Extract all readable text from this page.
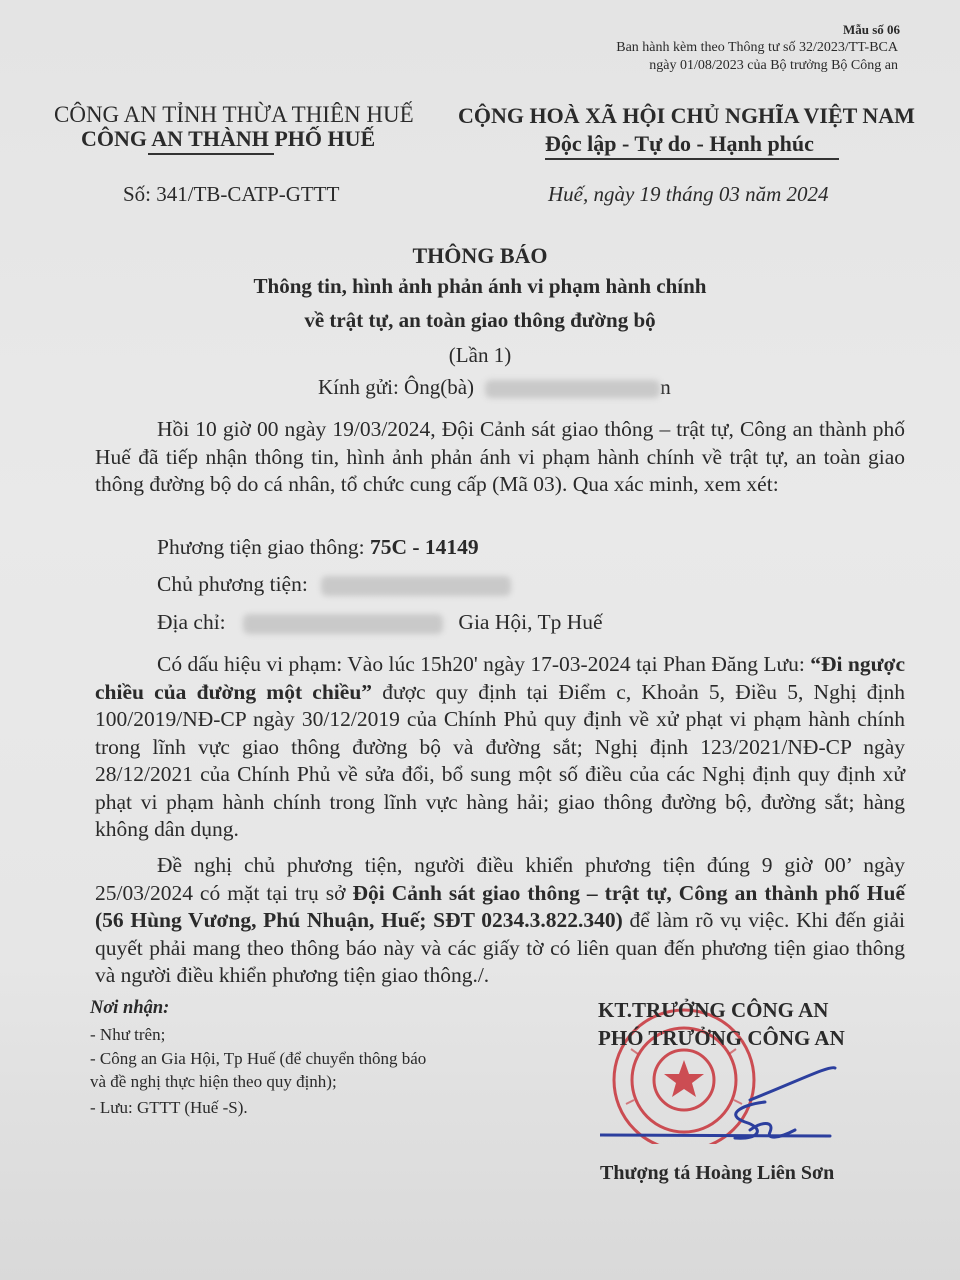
Mẫu số 06
Ban hành kèm theo Thông tư số 32/2023/TT-BCA
ngày 01/08/2023 của Bộ trưởng Bộ Công an
CÔNG AN TỈNH THỪA THIÊN HUẾ
CÔNG AN THÀNH PHỐ HUẾ
CỘNG HOÀ XÃ HỘI CHỦ NGHĨA VIỆT NAM
Độc lập - Tự do - Hạnh phúc
Số: 341/TB-CATP-GTTT	Huế, ngày 19 tháng 03 năm 2024
THÔNG BÁO
Thông tin, hình ảnh phản ánh vi phạm hành chính
về trật tự, an toàn giao thông đường bộ
(Lần 1)
Kính gửi: Ông(bà)	n
Hồi 10 giờ 00 ngày 19/03/2024, Đội Cảnh sát giao thông – trật tự, Công an thành phố Huế đã tiếp nhận thông tin, hình ảnh phản ánh vi phạm hành chính về trật tự, an toàn giao thông đường bộ do cá nhân, tổ chức cung cấp (Mã 03). Qua xác minh, xem xét:
Phương tiện giao thông: 75C - 14149
Chủ phương tiện:
Địa chỉ:	Gia Hội, Tp Huế
Có dấu hiệu vi phạm: Vào lúc 15h20' ngày 17-03-2024 tại Phan Đăng Lưu: “Đi ngược chiều của đường một chiều” được quy định tại Điểm c, Khoản 5, Điều 5, Nghị định 100/2019/NĐ-CP ngày 30/12/2019 của Chính Phủ quy định về xử phạt vi phạm hành chính trong lĩnh vực giao thông đường bộ và đường sắt; Nghị định 123/2021/NĐ-CP ngày 28/12/2021 của Chính Phủ về sửa đổi, bổ sung một số điều của các Nghị định quy định xử phạt vi phạm hành chính trong lĩnh vực hàng hải; giao thông đường bộ, đường sắt; hàng không dân dụng.
Đề nghị chủ phương tiện, người điều khiển phương tiện đúng 9 giờ 00’ ngày 25/03/2024 có mặt tại trụ sở Đội Cảnh sát giao thông – trật tự, Công an thành phố Huế (56 Hùng Vương, Phú Nhuận, Huế; SĐT 0234.3.822.340) để làm rõ vụ việc. Khi đến giải quyết phải mang theo thông báo này và các giấy tờ có liên quan đến phương tiện giao thông và người điều khiển phương tiện giao thông./.
Nơi nhận:
- Như trên;
- Công an Gia Hội, Tp Huế (để chuyển thông báo
và đề nghị thực hiện theo quy định);
- Lưu: GTTT (Huế -S).
KT.TRƯỞNG CÔNG AN
PHÓ TRƯỞNG CÔNG AN
Thượng tá Hoàng Liên Sơn
